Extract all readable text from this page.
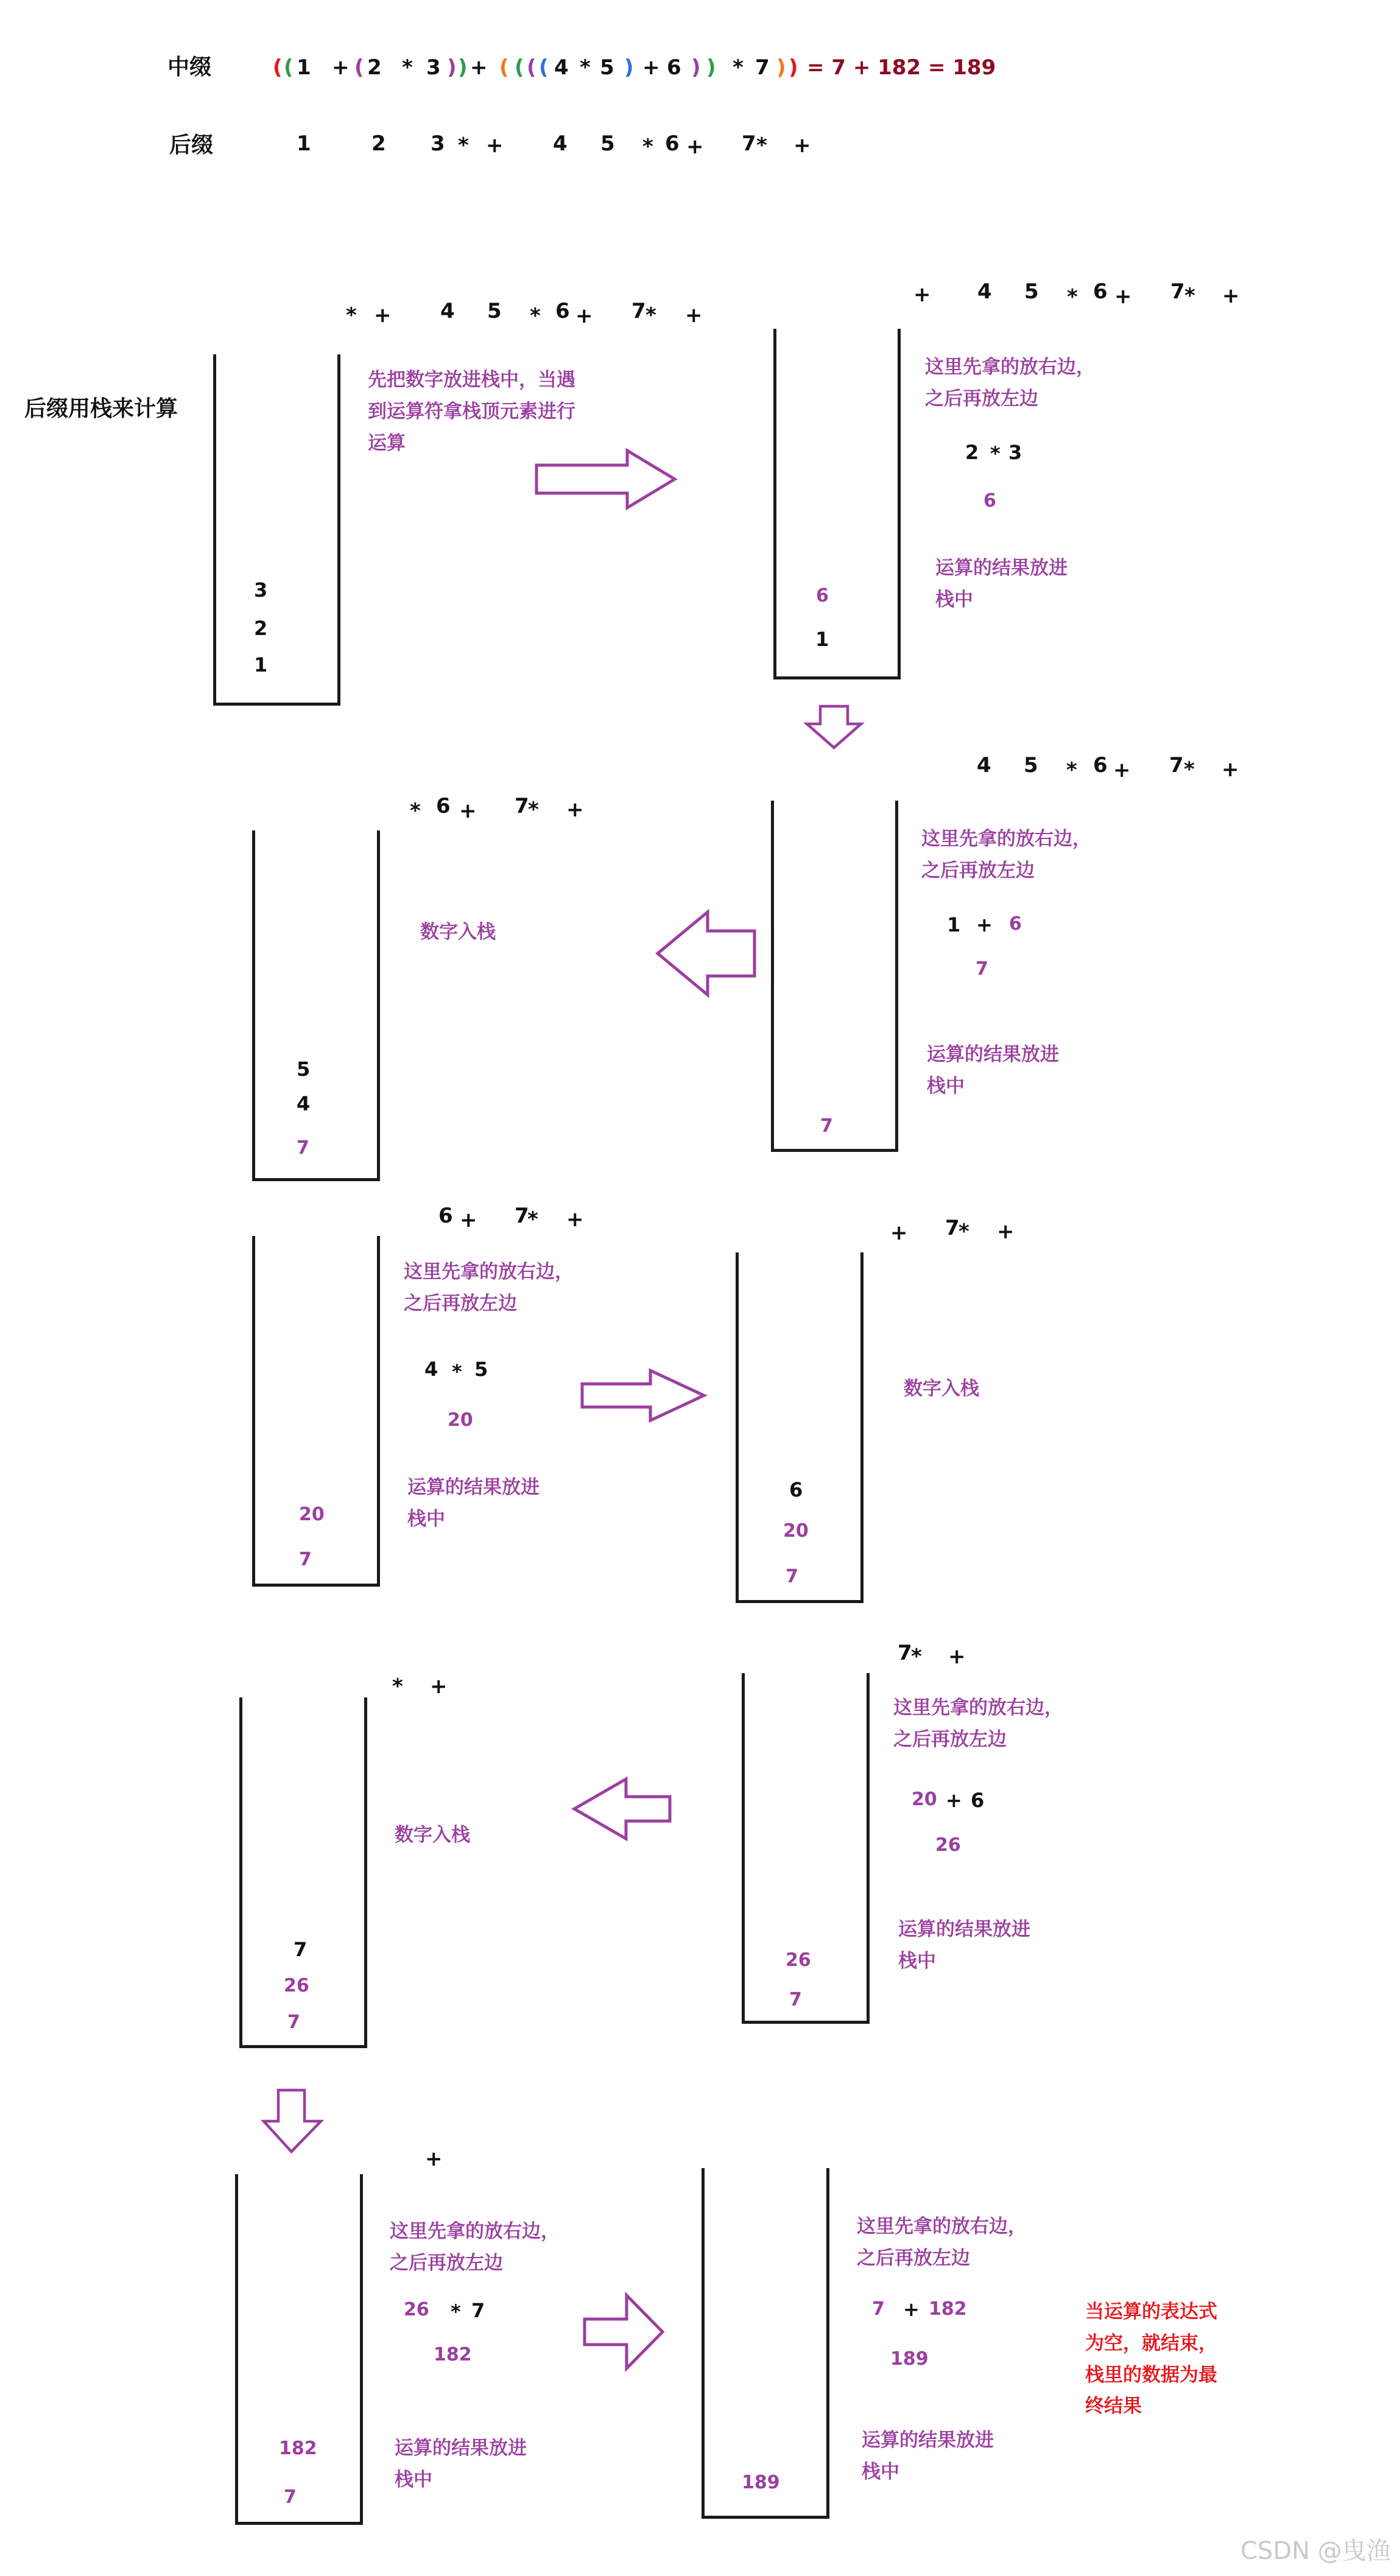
中缀	( ( 1 + ( 2 * 3 ) ) + ( ( ( ( 4 * 5 ) + 6 ) ) * 7 ) ) = 7 + 182 = 189
后缀	1	2 3 * + 4 5 * 6 + 7 * +
后缀用栈来计算
* + 4 5 * 6 + 7 * +
3
2
1
先把数字放进栈中，当遇到运算符拿栈顶元素进行运算
+ 4 5 * 6 + 7 * +
6
1
这里先拿的放右边，
之后再放左边
2 * 3
6
运算的结果放进
栈中
4 5 * 6 + 7 * +
7
这里先拿的放右边，
之后再放左边
1 + 6
7
运算的结果放进
栈中
* 6 + 7
* +
5
4
7
数字入栈
6 + 7
* +
20
7
这里先拿的放右边，
之后再放左边
4 * 5
20
运算的结果放进
栈中
+ 7
* +
6
20
7
数字入栈
7
* +
26
7
这里先拿的放右边，
之后再放左边
20 + 6
26
运算的结果放进
栈中
* +
7
26
7
数字入栈
+
182
7
这里先拿的放右边，
之后再放左边
26 * 7
182
运算的结果放进
栈中	189
这里先拿的放右边，
之后再放左边
7 + 182
189
运算的结果放进
栈中
当运算的表达式为空，就结束，栈里的数据为最终结果
CSDN @曳渔
